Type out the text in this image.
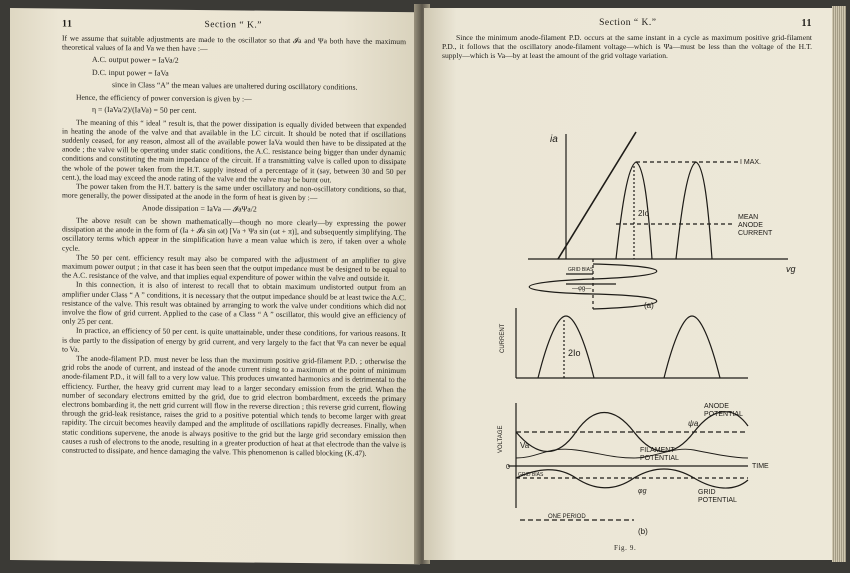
11	Section “ K.”

If we assume that suitable adjustments are made to the oscillator so that 𝓘a and Ψa both have the maximum theoretical values of Ia and Va we then have :—

A.C. output power = IaVa/2
D.C. input power = IaVa
since in Class “A” the mean values are unaltered during oscillatory conditions.

Hence, the efficiency of power conversion is given by :—

η = (IaVa/2)/(IaVa) = 50 per cent.

The meaning of this “ ideal ” result is, that the power dissipation is equally divided between that expended in heating the anode of the valve and that available in the LC circuit. It should be noted that if oscillations suddenly ceased, for any reason, almost all of the available power IaVa would then have to be dissipated at the anode ; the valve will be operating under static conditions, the A.C. resistance being bigger than under dynamic conditions and constituting the main impedance of the circuit. If a transmitting valve is called upon to dissipate the whole of the power taken from the H.T. supply instead of a percentage of it (say, between 30 and 50 per cent.), the load may exceed the anode rating of the valve and the valve may be burnt out.

The power taken from the H.T. battery is the same under oscillatory and non-oscillatory conditions, so that, more generally, the power dissipated at the anode in the form of heat is given by :—

Anode dissipation = IaVa — 𝓘aΨa/2

The above result can be shown mathematically—though no more clearly—by expressing the power dissipation at the anode in the form of (Ia + 𝓘a sin ωt) [Va + Ψa sin (ωt + π)], and subsequently simplifying. The oscillatory terms which appear in the simplification have a mean value which is zero, if taken over a whole cycle.

The 50 per cent. efficiency result may also be compared with the adjustment of an amplifier to give maximum power output ; in that case it has been seen that the output impedance must be designed to be equal to the A.C. resistance of the valve, and that implies equal expenditure of power within the valve and outside it.

In this connection, it is also of interest to recall that to obtain maximum undistorted output from an amplifier under Class “ A ” conditions, it is necessary that the output impedance should be at least twice the A.C. resistance of the valve. This result was obtained by arranging to work the valve under conditions which did not involve the flow of grid current. Applied to the case of a Class “ A ” oscillator, this would give an efficiency of only 25 per cent.

In practice, an efficiency of 50 per cent. is quite unattainable, under these conditions, for various reasons. It is due partly to the dissipation of energy by grid current, and very largely to the fact that Ψa can never be equal to Va.

The anode-filament P.D. must never be less than the maximum positive grid-filament P.D. ; otherwise the grid robs the anode of current, and instead of the anode current rising to a maximum at the point of minimum anode-filament P.D., it will fall to a very low value. This produces unwanted harmonics and is detrimental to the efficiency. Further, the heavy grid current may lead to a larger secondary emission from the grid. When the number of secondary electrons emitted by the grid, due to grid electron bombardment, exceeds the primary electrons bombarding it, the nett grid current will flow in the reverse direction ; this reverse grid current, flowing through the grid-leak resistance, raises the grid to a positive potential which tends to become larger with great rapidity. The circuit becomes heavily damped and the amplitude of oscillations rapidly decreases. Finally, when static conditions supervene, the anode is always positive to the grid but the large grid secondary emission then causes a rush of electrons to the anode, resulting in a greater production of heat at that electrode than the valve is constructed to dissipate, and hence damaging the valve. This phenomenon is called blocking (K.47).

Section “ K.”	11

Since the minimum anode-filament P.D. occurs at the same instant in a cycle as maximum positive grid-filament P.D., it follows that the oscillatory anode-filament voltage—which is Ψa—must be less than the voltage of the H.T. supply—which is Va—by at least the amount of the grid voltage variation.

ia
I MAX.
2Io	MEAN
ANODE
CURRENT
GRID BIAS
—φg—
vg
(a)
CURRENT	2Io
VOLTAGE
ANODE
POTENTIAL
ψa
Va
FILAMENT
POTENTIAL
0	TIME
GRID BIAS
φg	GRID
POTENTIAL
ONE PERIOD
(b)
Fig. 9.
